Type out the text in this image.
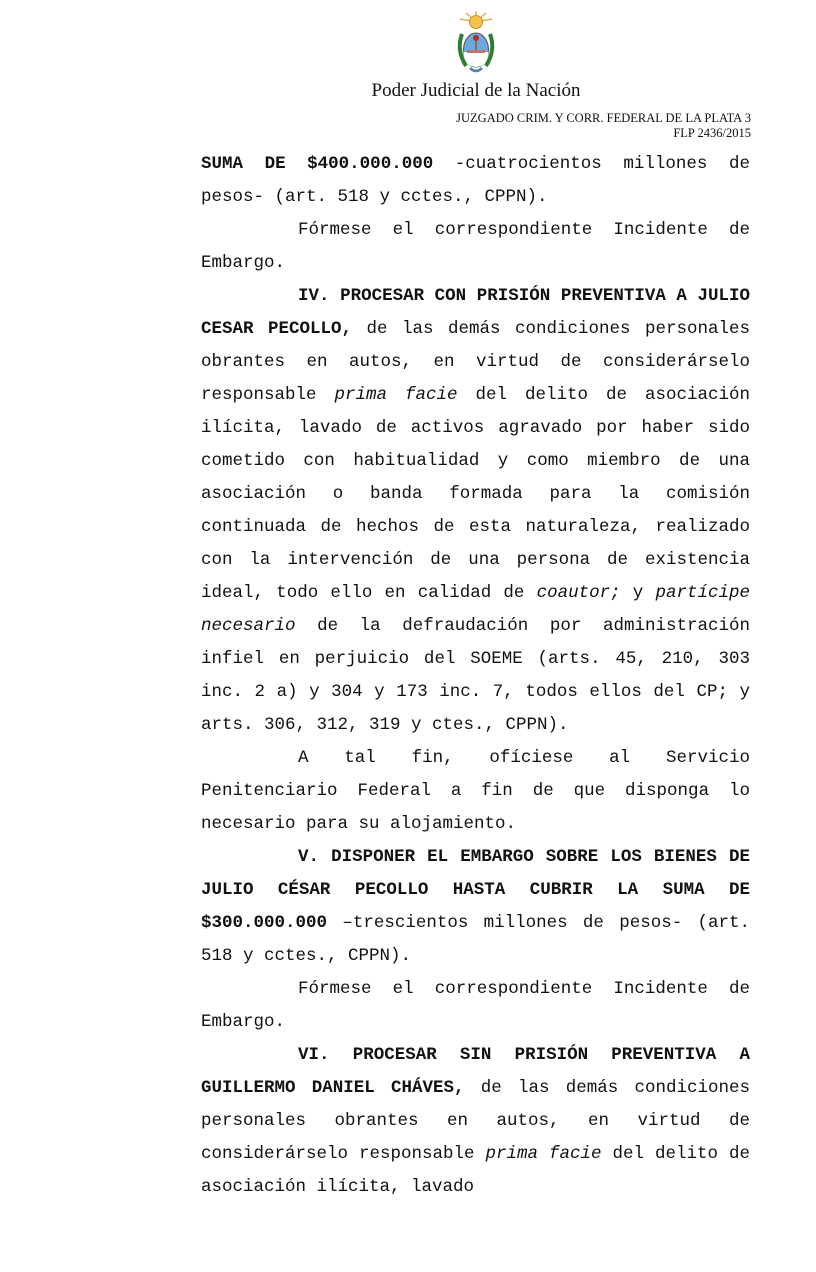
Poder Judicial de la Nación
JUZGADO CRIM. Y CORR. FEDERAL DE LA PLATA 3
FLP 2436/2015

SUMA DE $400.000.000 -cuatrocientos millones de pesos- (art. 518 y cctes., CPPN).

Fórmese el correspondiente Incidente de Embargo.

IV. PROCESAR CON PRISIÓN PREVENTIVA A JULIO CESAR PECOLLO, de las demás condiciones personales obrantes en autos, en virtud de considerárselo responsable prima facie del delito de asociación ilícita, lavado de activos agravado por haber sido cometido con habitualidad y como miembro de una asociación o banda formada para la comisión continuada de hechos de esta naturaleza, realizado con la intervención de una persona de existencia ideal, todo ello en calidad de coautor; y partícipe necesario de la defraudación por administración infiel en perjuicio del SOEME (arts. 45, 210, 303 inc. 2 a) y 304 y 173 inc. 7, todos ellos del CP; y arts. 306, 312, 319 y ctes., CPPN).

A tal fin, ofíciese al Servicio Penitenciario Federal a fin de que disponga lo necesario para su alojamiento.

V. DISPONER EL EMBARGO SOBRE LOS BIENES DE JULIO CÉSAR PECOLLO HASTA CUBRIR LA SUMA DE $300.000.000 –trescientos millones de pesos- (art. 518 y cctes., CPPN).

Fórmese el correspondiente Incidente de Embargo.

VI. PROCESAR SIN PRISIÓN PREVENTIVA A GUILLERMO DANIEL CHÁVES, de las demás condiciones personales obrantes en autos, en virtud de considerárselo responsable prima facie del delito de asociación ilícita, lavado
